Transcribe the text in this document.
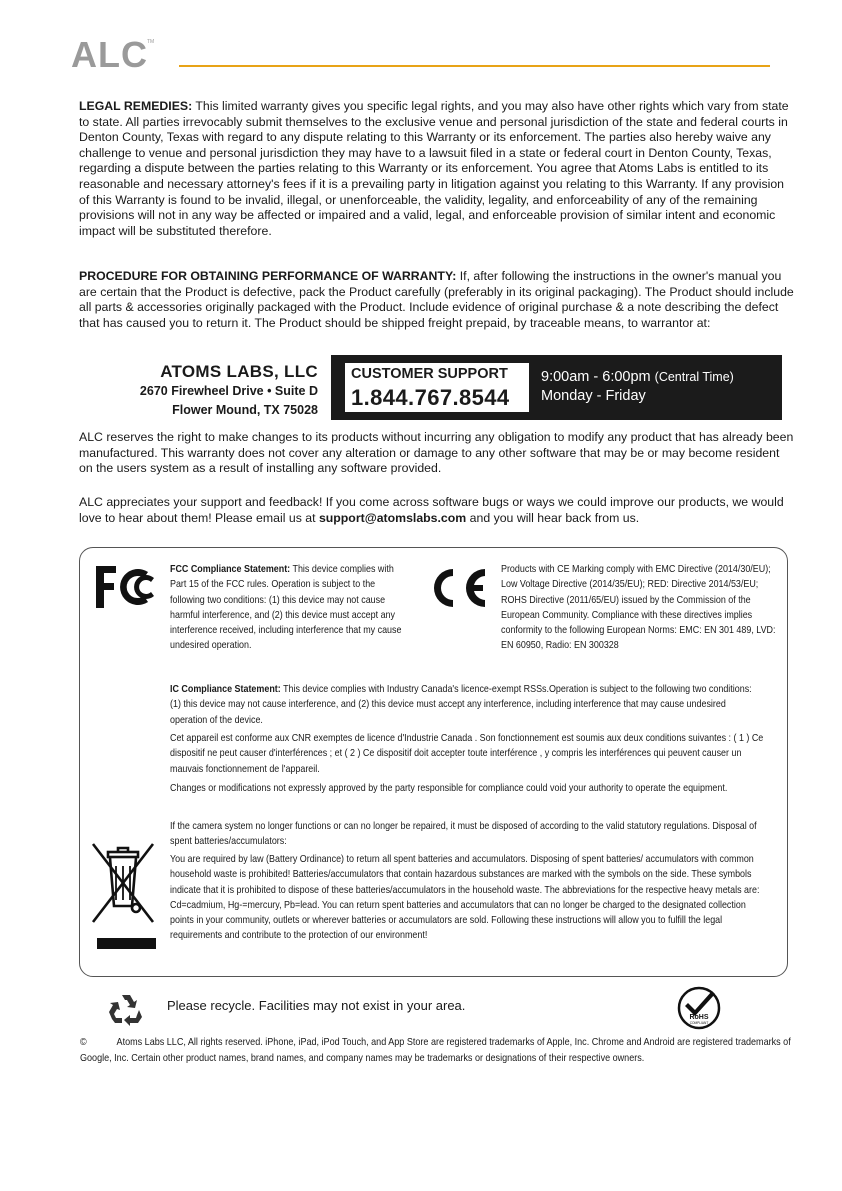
ALC TM

LEGAL REMEDIES: This limited warranty gives you specific legal rights, and you may also have other rights which vary from state to state. All parties irrevocably submit themselves to the exclusive venue and personal jurisdiction of the state and federal courts in Denton County, Texas with regard to any dispute relating to this Warranty or its enforcement. The parties also hereby waive any challenge to venue and personal jurisdiction they may have to a lawsuit filed in a state or federal court in Denton County, Texas, regarding a dispute between the parties relating to this Warranty or its enforcement. You agree that Atoms Labs is entitled to its reasonable and necessary attorney's fees if it is a prevailing party in litigation against you relating to this Warranty. If any provision of this Warranty is found to be invalid, illegal, or unenforceable, the validity, legality, and enforceability of any of the remaining provisions will not in any way be affected or impaired and a valid, legal, and enforceable provision of similar intent and economic impact will be substituted therefore.

PROCEDURE FOR OBTAINING PERFORMANCE OF WARRANTY: If, after following the instructions in the owner's manual you are certain that the Product is defective, pack the Product carefully (preferably in its original packaging). The Product should include all parts & accessories originally packaged with the Product. Include evidence of original purchase & a note describing the defect that has caused you to return it. The Product should be shipped freight prepaid, by traceable means, to warrantor at:

ATOMS LABS, LLC
2670 Firewheel Drive • Suite D
Flower Mound, TX 75028
CUSTOMER SUPPORT
1.844.767.8544
9:00am - 6:00pm (Central Time)
Monday - Friday

ALC reserves the right to make changes to its products without incurring any obligation to modify any product that has already been manufactured. This warranty does not cover any alteration or damage to any other software that may be or may become resident on the users system as a result of installing any software provided.

ALC appreciates your support and feedback! If you come across software bugs or ways we could improve our products, we would love to hear about them! Please email us at support@atomslabs.com and you will hear back from us.

FCC Compliance Statement: This device complies with Part 15 of the FCC rules. Operation is subject to the following two conditions: (1) this device may not cause harmful interference, and (2) this device must accept any interference received, including interference that my cause undesired operation.

Products with CE Marking comply with EMC Directive (2014/30/EU); Low Voltage Directive (2014/35/EU); RED: Directive 2014/53/EU; ROHS Directive (2011/65/EU) issued by the Commission of the European Community. Compliance with these directives implies conformity to the following European Norms: EMC: EN 301 489, LVD: EN 60950, Radio: EN 300328

IC Compliance Statement: This device complies with Industry Canada's licence-exempt RSSs.Operation is subject to the following two conditions: (1) this device may not cause interference, and (2) this device must accept any interference, including interference that may cause undesired operation of the device.

Cet appareil est conforme aux CNR exemptes de licence d'Industrie Canada . Son fonctionnement est soumis aux deux conditions suivantes : ( 1 ) Ce dispositif ne peut causer d'interférences ; et ( 2 ) Ce dispositif doit accepter toute interférence , y compris les interférences qui peuvent causer un mauvais fonctionnement de l'appareil.

Changes or modifications not expressly approved by the party responsible for compliance could void your authority to operate the equipment.

If the camera system no longer functions or can no longer be repaired, it must be disposed of according to the valid statutory regulations. Disposal of spent batteries/accumulators:

You are required by law (Battery Ordinance) to return all spent batteries and accumulators. Disposing of spent batteries/ accumulators with common household waste is prohibited! Batteries/accumulators that contain hazardous substances are marked with the symbols on the side. These symbols indicate that it is prohibited to dispose of these batteries/accumulators in the household waste. The abbreviations for the respective heavy metals are: Cd=cadmium, Hg-=mercury, Pb=lead. You can return spent batteries and accumulators that can no longer be charged to the designated collection points in your community, outlets or wherever batteries or accumulators are sold. Following these instructions will allow you to fulfill the legal requirements and contribute to the protection of our environment!

Please recycle. Facilities may not exist in your area.
RoHS
COMPLIANT
©	Atoms Labs LLC, All rights reserved. iPhone, iPad, iPod Touch, and App Store are registered trademarks of Apple, Inc. Chrome and Android are registered trademarks of Google, Inc. Certain other product names, brand names, and company names may be trademarks or designations of their respective owners.
